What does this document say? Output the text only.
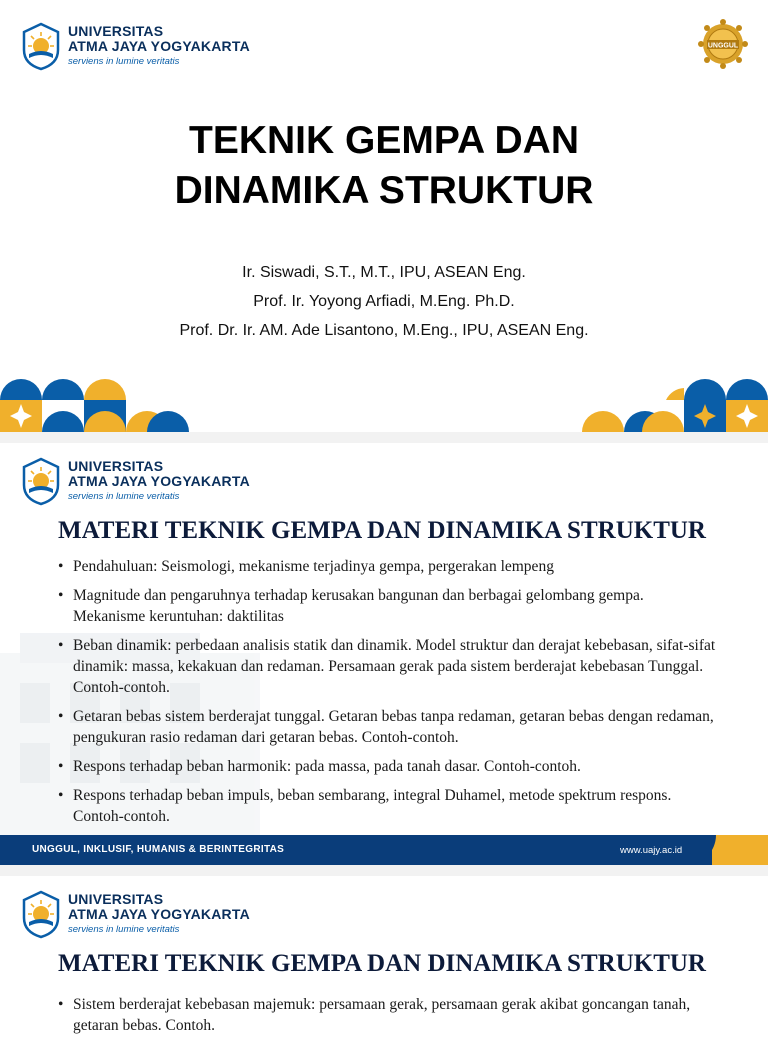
UNIVERSITAS
ATMA JAYA YOGYAKARTA
serviens in lumine veritatis
UNGGUL
TEKNIK GEMPA DAN
DINAMIKA STRUKTUR
Ir. Siswadi, S.T., M.T., IPU, ASEAN Eng.
Prof. Ir. Yoyong Arfiadi, M.Eng. Ph.D.
Prof. Dr. Ir. AM. Ade Lisantono, M.Eng., IPU, ASEAN Eng.
UNIVERSITAS
ATMA JAYA YOGYAKARTA
serviens in lumine veritatis
MATERI TEKNIK GEMPA DAN DINAMIKA STRUKTUR
• Pendahuluan: Seismologi, mekanisme terjadinya gempa, pergerakan lempeng
• Magnitude dan pengaruhnya terhadap kerusakan bangunan dan berbagai gelombang gempa. Mekanisme keruntuhan: daktilitas
• Beban dinamik: perbedaan analisis statik dan dinamik. Model struktur dan derajat kebebasan, sifat-sifat dinamik: massa, kekakuan dan redaman. Persamaan gerak pada sistem berderajat kebebasan Tunggal. Contoh-contoh.
• Getaran bebas sistem berderajat tunggal. Getaran bebas tanpa redaman, getaran bebas dengan redaman, pengukuran rasio redaman dari getaran bebas. Contoh-contoh.
• Respons terhadap beban harmonik: pada massa, pada tanah dasar. Contoh-contoh.
• Respons terhadap beban impuls, beban sembarang, integral Duhamel, metode spektrum respons. Contoh-contoh.
UNGGUL, INKLUSIF, HUMANIS & BERINTEGRITAS	www.uajy.ac.id
UNIVERSITAS
ATMA JAYA YOGYAKARTA
serviens in lumine veritatis
MATERI TEKNIK GEMPA DAN DINAMIKA STRUKTUR
• Sistem berderajat kebebasan majemuk: persamaan gerak, persamaan gerak akibat goncangan tanah, getaran bebas. Contoh.
